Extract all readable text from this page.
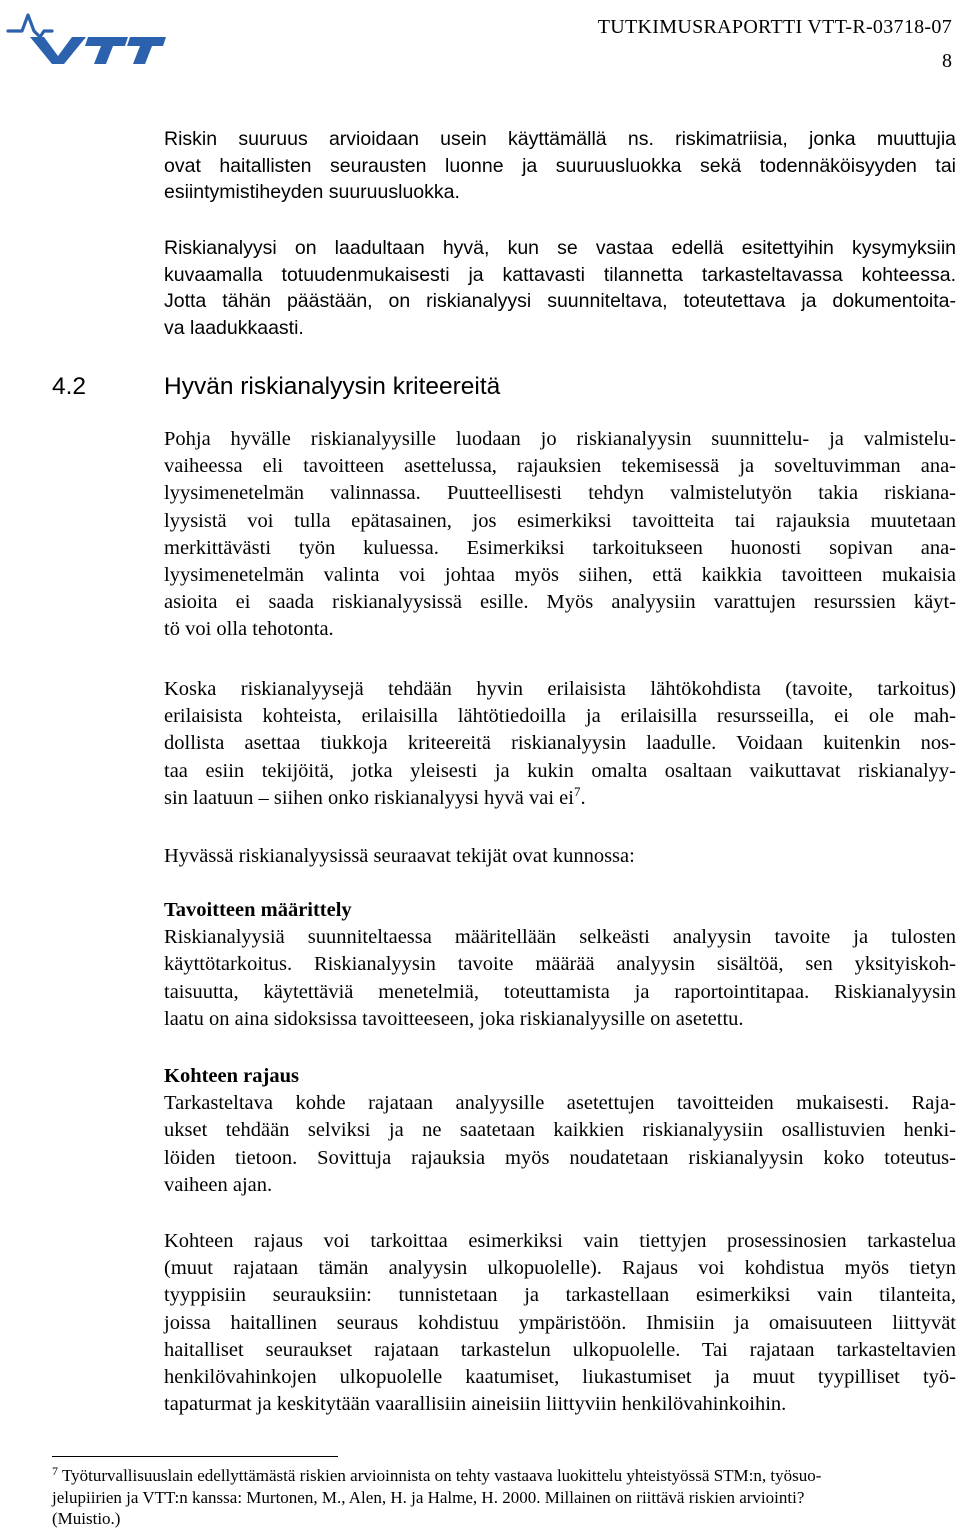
TUTKIMUSRAPORTTI VTT-R-03718-07
8

Riskin suuruus arvioidaan usein käyttämällä ns. riskimatriisia, jonka muuttujia
ovat haitallisten seurausten luonne ja suuruusluokka sekä todennäköisyyden tai
esiintymistiheyden suuruusluokka.

Riskianalyysi on laadultaan hyvä, kun se vastaa edellä esitettyihin kysymyksiin
kuvaamalla totuudenmukaisesti ja kattavasti tilannetta tarkasteltavassa kohteessa.
Jotta tähän päästään, on riskianalyysi suunniteltava, toteutettava ja dokumentoita-
va laadukkaasti.

4.2	Hyvän riskianalyysin kriteereitä

Pohja hyvälle riskianalyysille luodaan jo riskianalyysin suunnittelu- ja valmistelu-
vaiheessa eli tavoitteen asettelussa, rajauksien tekemisessä ja soveltuvimman ana-
lyysimenetelmän valinnassa. Puutteellisesti tehdyn valmistelutyön takia riskiana-
lyysistä voi tulla epätasainen, jos esimerkiksi tavoitteita tai rajauksia muutetaan
merkittävästi työn kuluessa. Esimerkiksi tarkoitukseen huonosti sopivan ana-
lyysimenetelmän valinta voi johtaa myös siihen, että kaikkia tavoitteen mukaisia
asioita ei saada riskianalyysissä esille. Myös analyysiin varattujen resurssien käyt-
tö voi olla tehotonta.

Koska riskianalyysejä tehdään hyvin erilaisista lähtökohdista (tavoite, tarkoitus)
erilaisista kohteista, erilaisilla lähtötiedoilla ja erilaisilla resursseilla, ei ole mah-
dollista asettaa tiukkoja kriteereitä riskianalyysin laadulle. Voidaan kuitenkin nos-
taa esiin tekijöitä, jotka yleisesti ja kukin omalta osaltaan vaikuttavat riskianalyy-
sin laatuun – siihen onko riskianalyysi hyvä vai $ei^7$.

Hyvässä riskianalyysissä seuraavat tekijät ovat kunnossa:

Tavoitteen määrittely
Riskianalyysiä suunniteltaessa määritellään selkeästi analyysin tavoite ja tulosten
käyttötarkoitus. Riskianalyysin tavoite määrää analyysin sisältöä, sen yksityiskoh-
taisuutta, käytettäviä menetelmiä, toteuttamista ja raportointitapaa. Riskianalyysin
laatu on aina sidoksissa tavoitteeseen, joka riskianalyysille on asetettu.

Kohteen rajaus
Tarkasteltava kohde rajataan analyysille asetettujen tavoitteiden mukaisesti. Raja-
ukset tehdään selviksi ja ne saatetaan kaikkien riskianalyysiin osallistuvien henki-
löiden tietoon. Sovittuja rajauksia myös noudatetaan riskianalyysin koko toteutus-
vaiheen ajan.

Kohteen rajaus voi tarkoittaa esimerkiksi vain tiettyjen prosessinosien tarkastelua
(muut rajataan tämän analyysin ulkopuolelle). Rajaus voi kohdistua myös tietyn
tyyppisiin seurauksiin: tunnistetaan ja tarkastellaan esimerkiksi vain tilanteita,
joissa haitallinen seuraus kohdistuu ympäristöön. Ihmisiin ja omaisuuteen liittyvät
haitalliset seuraukset rajataan tarkastelun ulkopuolelle. Tai rajataan tarkasteltavien
henkilövahinkojen ulkopuolelle kaatumiset, liukastumiset ja muut tyypilliset työ-
tapaturmat ja keskitytään vaarallisiin aineisiin liittyviin henkilövahinkoihin.

$^7$ Työturvallisuuslain edellyttämästä riskien arvioinnista on tehty vastaava luokittelu yhteistyössä STM:n, työsuo-
jelupiirien ja VTT:n kanssa: Murtonen, M., Alen, H. ja Halme, H. 2000. Millainen on riittävä riskien arviointi?
(Muistio.)
